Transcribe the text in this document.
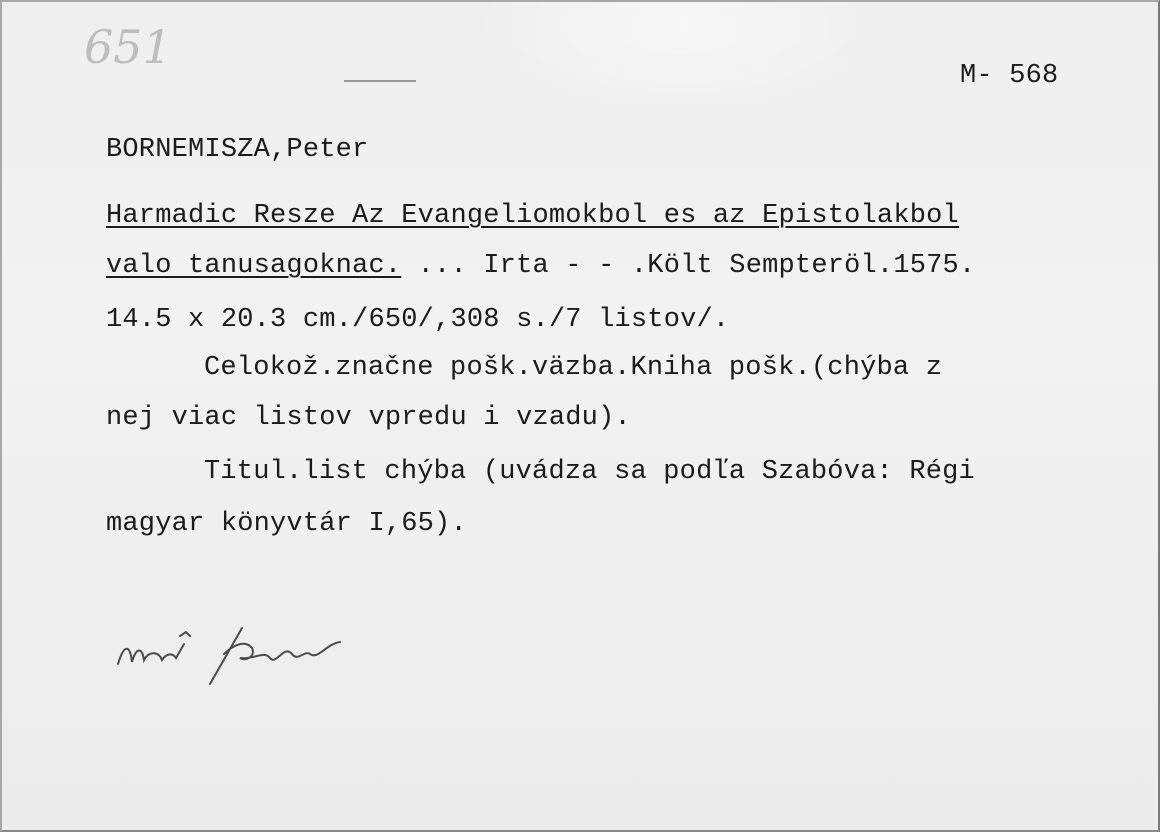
651
M- 568
BORNEMISZA,Peter
Harmadic Resze Az Evangeliomokbol es az Epistolakbol
valo tanusagoknac. ... Irta - - .Költ Sempteröl.1575.
14.5 x 20.3 cm./650/,308 s./7 listov/.
Celokož.značne pošk.väzba.Kniha pošk.(chýba z
nej viac listov vpredu i vzadu).
Titul.list chýba (uvádza sa podľa Szabóva: Régi
magyar könyvtár I,65).
Maď. Kayne
